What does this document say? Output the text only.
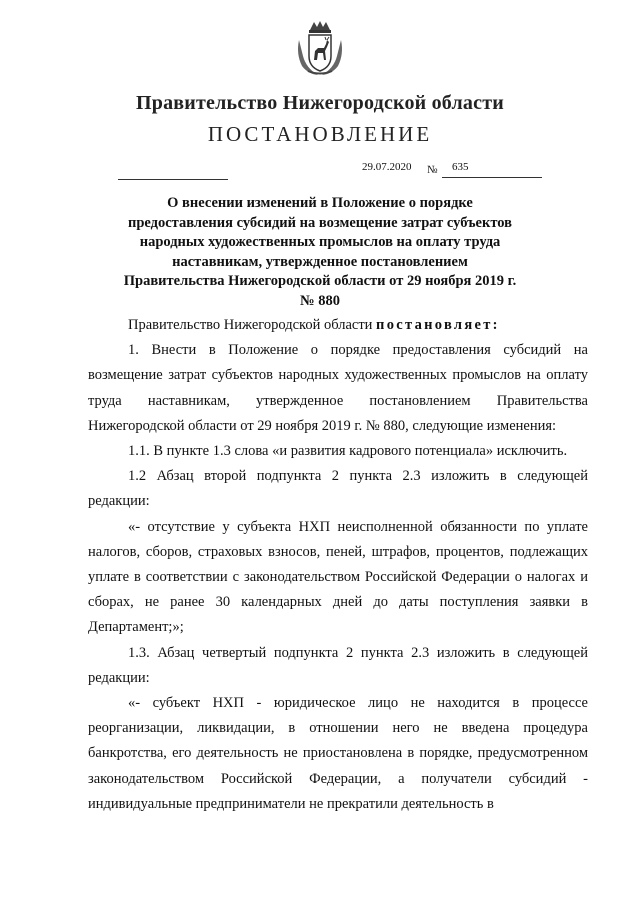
Правительство Нижегородской области
ПОСТАНОВЛЕНИЕ
29.07.2020 № 635
О внесении изменений в Положение о порядке предоставления субсидий на возмещение затрат субъектов народных художественных промыслов на оплату труда наставникам, утвержденное постановлением Правительства Нижегородской области от 29 ноября 2019 г. № 880

Правительство Нижегородской области постановляет:

1. Внести в Положение о порядке предоставления субсидий на возмещение затрат субъектов народных художественных промыслов на оплату труда наставникам, утвержденное постановлением Правительства Нижегородской области от 29 ноября 2019 г. № 880, следующие изменения:

1.1. В пункте 1.3 слова «и развития кадрового потенциала» исключить.

1.2 Абзац второй подпункта 2 пункта 2.3 изложить в следующей редакции:

«- отсутствие у субъекта НХП неисполненной обязанности по уплате налогов, сборов, страховых взносов, пеней, штрафов, процентов, подлежащих уплате в соответствии с законодательством Российской Федерации о налогах и сборах, не ранее 30 календарных дней до даты поступления заявки в Департамент;»;

1.3. Абзац четвертый подпункта 2 пункта 2.3 изложить в следующей редакции:

«- субъект НХП - юридическое лицо не находится в процессе реорганизации, ликвидации, в отношении него не введена процедура банкротства, его деятельность не приостановлена в порядке, предусмотренном законодательством Российской Федерации, а получатели субсидий - индивидуальные предприниматели не прекратили деятельность в
